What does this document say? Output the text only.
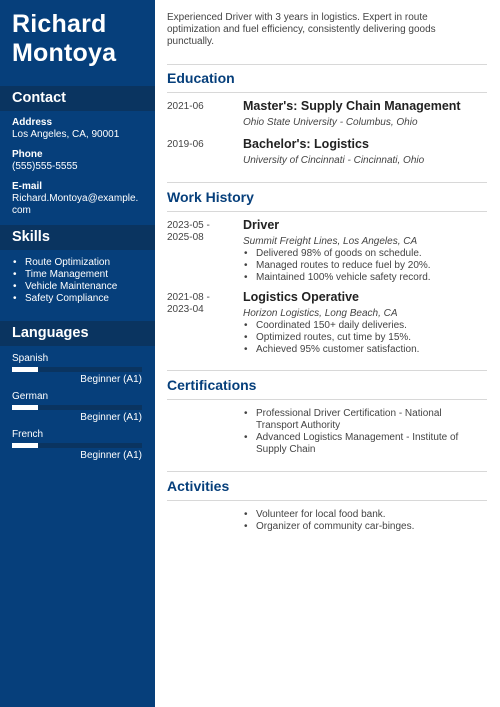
Richard
Montoya
Contact
Address
Los Angeles, CA, 90001
Phone
(555)555-5555
E-mail
Richard.Montoya@example.
com
Skills
• Route Optimization
• Time Management
• Vehicle Maintenance
• Safety Compliance
Languages
Spanish
Beginner (A1)
German
Beginner (A1)
French
Beginner (A1)
Experienced Driver with 3 years in logistics. Expert in route optimization and fuel efficiency, consistently delivering goods punctually.
Education
2021-06	Master's: Supply Chain Management
Ohio State University - Columbus, Ohio
2019-06	Bachelor's: Logistics
University of Cincinnati - Cincinnati, Ohio
Work History
2023-05 -
2025-08
Driver
Summit Freight Lines, Los Angeles, CA
• Delivered 98% of goods on schedule.
• Managed routes to reduce fuel by 20%.
• Maintained 100% vehicle safety record.
2021-08 -
2023-04
Logistics Operative
Horizon Logistics, Long Beach, CA
• Coordinated 150+ daily deliveries.
• Optimized routes, cut time by 15%.
• Achieved 95% customer satisfaction.
Certifications
• Professional Driver Certification - National Transport Authority
• Advanced Logistics Management - Institute of Supply Chain
Activities
• Volunteer for local food bank.
• Organizer of community car-binges.
